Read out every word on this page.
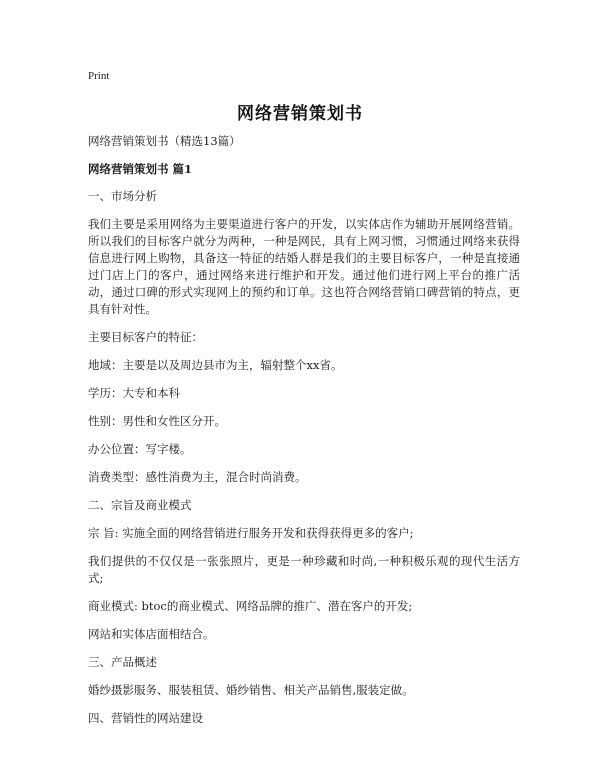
Print
网络营销策划书

网络营销策划书（精选13篇）

网络营销策划书 篇1

一、市场分析

我们主要是采用网络为主要渠道进行客户的开发，以实体店作为辅助开展网络营销。所以我们的目标客户就分为两种，一种是网民，具有上网习惯，习惯通过网络来获得信息进行网上购物，具备这一特征的结婚人群是我们的主要目标客户，一种是直接通过门店上门的客户，通过网络来进行维护和开发。通过他们进行网上平台的推广活动，通过口碑的形式实现网上的预约和订单。这也符合网络营销口碑营销的特点，更具有针对性。

主要目标客户的特征：

地域：主要是以及周边县市为主，辐射整个xx省。

学历：大专和本科

性别：男性和女性区分开。

办公位置：写字楼。

消费类型：感性消费为主，混合时尚消费。

二、宗旨及商业模式

宗 旨: 实施全面的网络营销进行服务开发和获得获得更多的客户;

我们提供的不仅仅是一张张照片，更是一种珍藏和时尚,一种积极乐观的现代生活方式;

商业模式: btoc的商业模式、网络品牌的推广、潜在客户的开发;

网站和实体店面相结合。

三、产品概述

婚纱摄影服务、服装租赁、婚纱销售、相关产品销售,服装定做。

四、营销性的网站建设
